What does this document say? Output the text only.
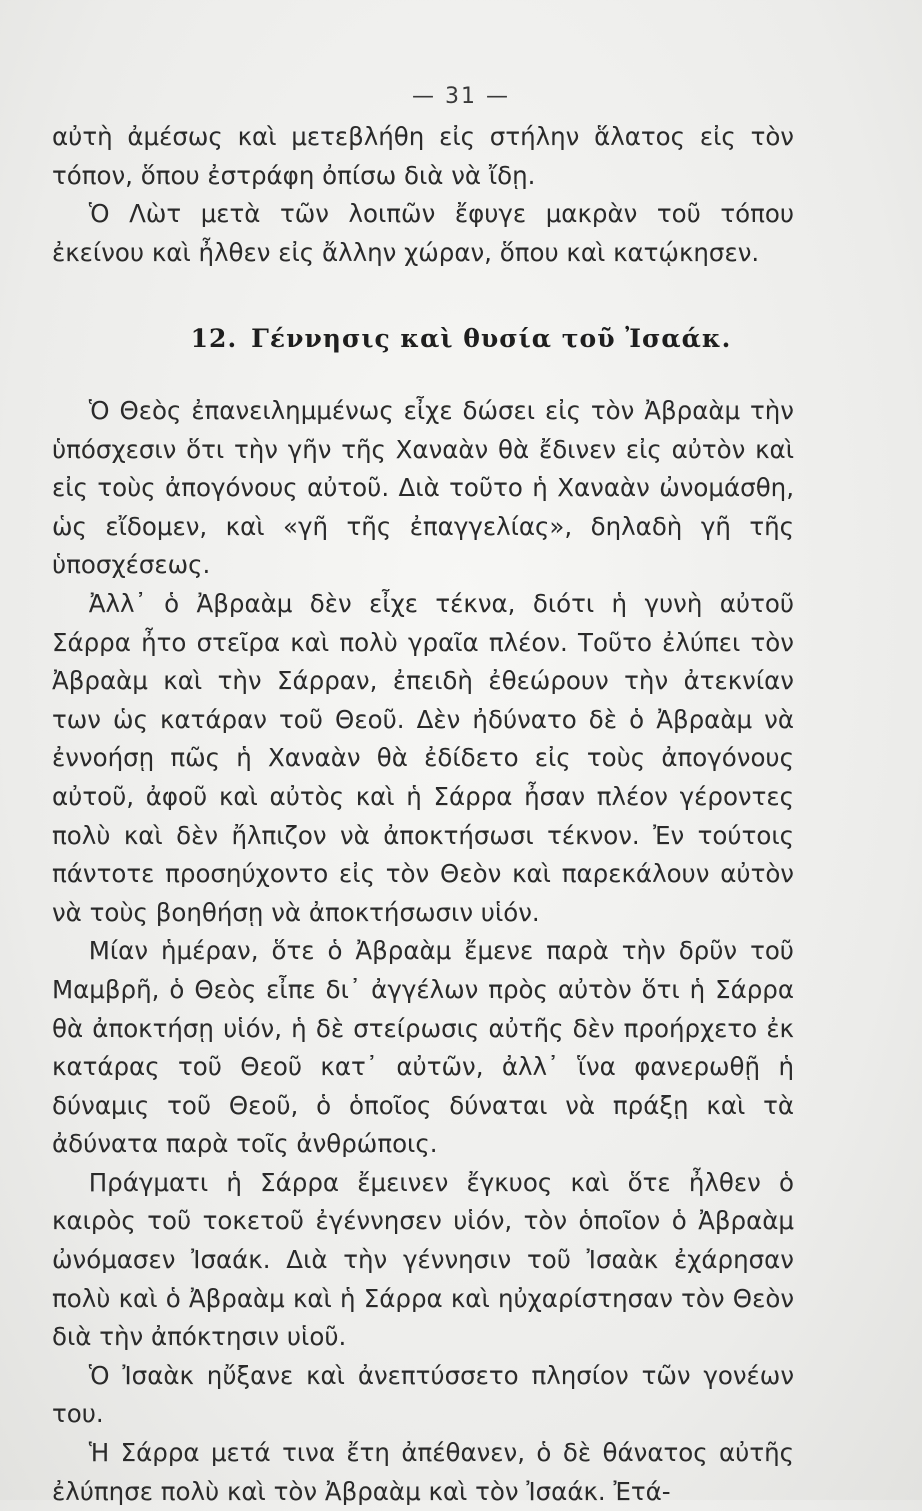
— 31 —

αὐτὴ ἀμέσως καὶ μετεβλήθη εἰς στήλην ἅλατος εἰς τὸν τόπον, ὅπου ἐστράφη ὀπίσω διὰ νὰ ἴδῃ.

Ὁ Λὼτ μετὰ τῶν λοιπῶν ἔφυγε μακρὰν τοῦ τόπου ἐκείνου καὶ ἦλθεν εἰς ἄλλην χώραν, ὅπου καὶ κατῴκησεν.

12. Γέννησις καὶ θυσία τοῦ Ἰσαάκ.

Ὁ Θεὸς ἐπανειλημμένως εἶχε δώσει εἰς τὸν Ἀβραὰμ τὴν ὑπόσχεσιν ὅτι τὴν γῆν τῆς Χαναὰν θὰ ἔδινεν εἰς αὐτὸν καὶ εἰς τοὺς ἀπογόνους αὐτοῦ. Διὰ τοῦτο ἡ Χαναὰν ὠνομάσθη, ὡς εἴδομεν, καὶ «γῆ τῆς ἐπαγγελίας», δηλαδὴ γῆ τῆς ὑποσχέσεως.

Ἀλλ᾽ ὁ Ἀβραὰμ δὲν εἶχε τέκνα, διότι ἡ γυνὴ αὐτοῦ Σάρρα ἦτο στεῖρα καὶ πολὺ γραῖα πλέον. Τοῦτο ἐλύπει τὸν Ἀβραὰμ καὶ τὴν Σάρραν, ἐπειδὴ ἐθεώρουν τὴν ἀτεκνίαν των ὡς κατάραν τοῦ Θεοῦ. Δὲν ἠδύνατο δὲ ὁ Ἀβραὰμ νὰ ἐννοήσῃ πῶς ἡ Χαναὰν θὰ ἐδίδετο εἰς τοὺς ἀπογόνους αὐτοῦ, ἀφοῦ καὶ αὐτὸς καὶ ἡ Σάρρα ἦσαν πλέον γέροντες πολὺ καὶ δὲν ἤλπιζον νὰ ἀποκτήσωσι τέκνον. Ἐν τούτοις πάντοτε προσηύχοντο εἰς τὸν Θεὸν καὶ παρεκάλουν αὐτὸν νὰ τοὺς βοηθήσῃ νὰ ἀποκτήσωσιν υἱόν.

Μίαν ἡμέραν, ὅτε ὁ Ἀβραὰμ ἔμενε παρὰ τὴν δρῦν τοῦ Μαμβρῆ, ὁ Θεὸς εἶπε δι᾽ ἀγγέλων πρὸς αὐτὸν ὅτι ἡ Σάρρα θὰ ἀποκτήσῃ υἱόν, ἡ δὲ στείρωσις αὐτῆς δὲν προήρχετο ἐκ κατάρας τοῦ Θεοῦ κατ᾽ αὐτῶν, ἀλλ᾽ ἵνα φανερωθῇ ἡ δύναμις τοῦ Θεοῦ, ὁ ὁποῖος δύναται νὰ πράξῃ καὶ τὰ ἀδύνατα παρὰ τοῖς ἀνθρώποις.

Πράγματι ἡ Σάρρα ἔμεινεν ἔγκυος καὶ ὅτε ἦλθεν ὁ καιρὸς τοῦ τοκετοῦ ἐγέννησεν υἱόν, τὸν ὁποῖον ὁ Ἀβραὰμ ὠνόμασεν Ἰσαάκ. Διὰ τὴν γέννησιν τοῦ Ἰσαὰκ ἐχάρησαν πολὺ καὶ ὁ Ἀβραὰμ καὶ ἡ Σάρρα καὶ ηὐχαρίστησαν τὸν Θεὸν διὰ τὴν ἀπόκτησιν υἱοῦ.

Ὁ Ἰσαὰκ ηὔξανε καὶ ἀνεπτύσσετο πλησίον τῶν γονέων του.

Ἡ Σάρρα μετά τινα ἔτη ἀπέθανεν, ὁ δὲ θάνατος αὐτῆς ἐλύπησε πολὺ καὶ τὸν Ἀβραὰμ καὶ τὸν Ἰσαάκ. Ἐτά-
